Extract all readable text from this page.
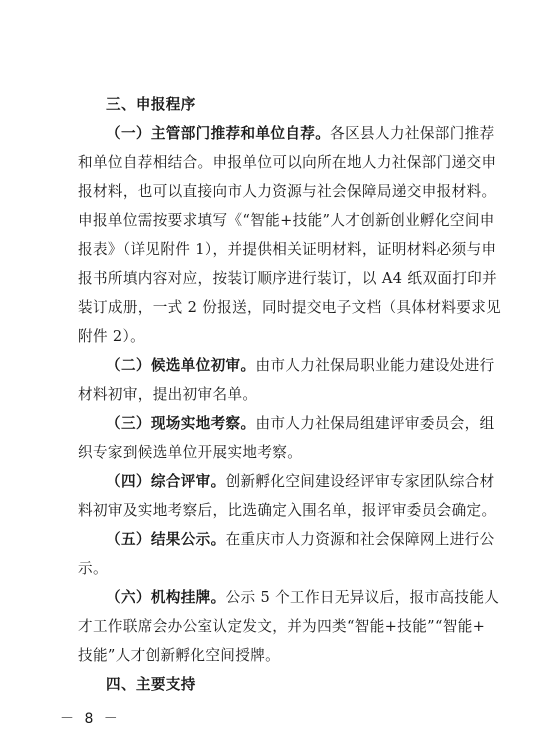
三、申报程序
（一）主管部门推荐和单位自荐。各区县人力社保部门推荐
和单位自荐相结合。申报单位可以向所在地人力社保部门递交申
报材料，也可以直接向市人力资源与社会保障局递交申报材料。
申报单位需按要求填写《“智能+技能”人才创新创业孵化空间申
报表》（详见附件 1），并提供相关证明材料，证明材料必须与申
报书所填内容对应，按装订顺序进行装订，以 A4 纸双面打印并
装订成册，一式 2 份报送，同时提交电子文档（具体材料要求见
附件 2）。
（二）候选单位初审。由市人力社保局职业能力建设处进行
材料初审，提出初审名单。
（三）现场实地考察。由市人力社保局组建评审委员会，组
织专家到候选单位开展实地考察。
（四）综合评审。创新孵化空间建设经评审专家团队综合材
料初审及实地考察后，比选确定入围名单，报评审委员会确定。
（五）结果公示。在重庆市人力资源和社会保障网上进行公
示。
（六）机构挂牌。公示 5 个工作日无异议后，报市高技能人
才工作联席会办公室认定发文，并为四类“智能+技能”“智能+
技能”人才创新孵化空间授牌。
四、主要支持
－ 8 －
